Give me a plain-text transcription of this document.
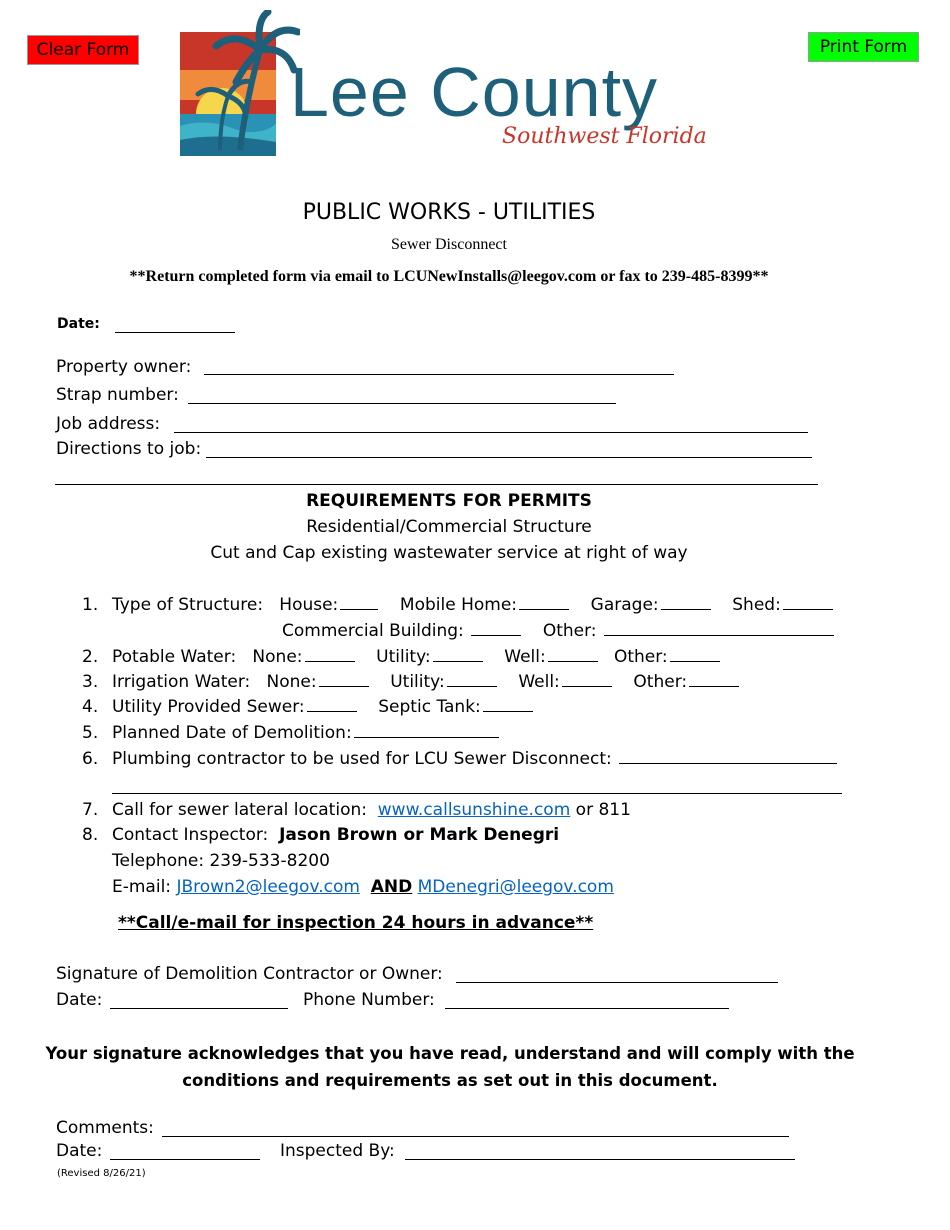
Clear Form	Print Form
Lee County
Southwest Florida
PUBLIC WORKS - UTILITIES
Sewer Disconnect
**Return completed form via email to LCUNewInstalls@leegov.com or fax to 239-485-8399**
Date:
Property owner:
Strap number:
Job address:
Directions to job:
REQUIREMENTS FOR PERMITS
Residential/Commercial Structure
Cut and Cap existing wastewater service at right of way
1. Type of Structure: House:	Mobile Home:	Garage:	Shed:
Commercial Building:	Other:
2. Potable Water: None:	Utility:	Well:	Other:
3. Irrigation Water: None:	Utility:	Well:	Other:
4. Utility Provided Sewer:	Septic Tank:
5. Planned Date of Demolition:
6. Plumbing contractor to be used for LCU Sewer Disconnect:
7. Call for sewer lateral location: www.callsunshine.com or 811
8. Contact Inspector: Jason Brown or Mark Denegri
Telephone: 239-533-8200
E-mail: JBrown2@leegov.com AND MDenegri@leegov.com
**Call/e-mail for inspection 24 hours in advance**
Signature of Demolition Contractor or Owner:
Date:	Phone Number:
Your signature acknowledges that you have read, understand and will comply with the conditions and requirements as set out in this document.
Comments:
Date:	Inspected By:
(Revised 8/26/21)
